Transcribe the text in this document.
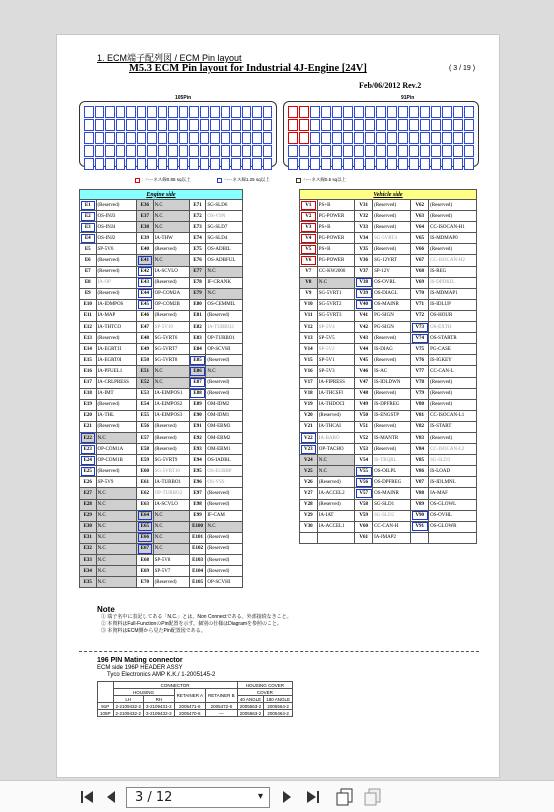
1. ECM端子配列図 / ECM Pin layout
M5.3 ECM Pin layout for Industrial 4J-Engine [24V]	( 3 / 19 )
Feb/06/2012 Rev.2
105Pin	91Pin
: ハーネス線0.85 sq以上	ハーネス線1.25 sq以上	ハーネス線0.5 sq以上
Engine side					
E1	(Reserved)	E36	N.C	E71	SG-SLD6
E2	OS-INJ3	E37	N.C	E72	OS-VSN
E3	OS-INJ4	E38	N.C	E73	SG-SLD7
E4	OS-INJ2	E39	IA-THW	E74	SG-SLD4
E5	SP-5V6	E40	(Reserved)	E75	OS-ADBIL
E6	(Reserved)	E41	N.C	E76	OS-ADBFUL
E7	(Reserved)	E42	IA-SCVLO	E77	N.C
E8	IA-OP	E43	(Reserved)	E78	IF-CRANK
E9	(Reserved)	E44	OP-COM2A	E79	N.C
E10	IA-IDMPOS	E45	OP-COM2B	E80	OS-CEMMIL
E11	IA-MAP	E46	(Reserved)	E81	(Reserved)
E12	IA-THTCO	E47	SP-5V10	E82	IA-TURBO2
E13	(Reserved)	E48	SG-5VRT6	E83	OP-TURBO1
E14	IA-EGRT1I	E49	SG-5VRT7	E84	OP-SCVHI
E15	IA-EGRT0I	E50	SG-5VRT8	E85	(Reserved)
E16	IA-PFUEL1	E51	N.C	E86	N.C
E17	IA-CRLPRESS	E52	N.C	E87	(Reserved)
E18	IA-IMT	E53	IA-EIMPOS1	E88	(Reserved)
E19	(Reserved)	E54	IA-EIMPOS2	E89	OM-IDM2
E20	IA-THL	E55	IA-EIMPOS3	E90	OM-IDM1
E21	(Reserved)	E56	(Reserved)	E91	OM-EBM3
E22	N.C	E57	(Reserved)	E92	OM-EBM2
E23	OP-COM1A	E58	(Reserved)	E93	OM-EBM1
E24	OP-COM1B	E59	SG-5VRT9	E94	OS-IADBL
E25	(Reserved)	E60	SG-5VRT10	E95	OS-EGRBP
E26	SP-5V9	E61	IA-TURBO1	E96	OS-VSS
E27	N.C	E62	OP-TURBO2	E97	(Reserved)
E28	N.C	E63	IA-SCVLO	E98	(Reserved)
E29	N.C	E64	N.C	E99	IF-CAM
E30	N.C	E65	N.C	E100	N.C
E31	N.C	E66	N.C	E101	(Reserved)
E32	N.C	E67	N.C	E102	(Reserved)
E33	N.C	E68	SP-5V8	E103	(Reserved)
E34	N.C	E69	SP-5V7	E104	(Reserved)
E35	N.C	E70	(Reserved)	E105	OP-SCVHI
Vehicle side					
V1	PS+B	V31	(Reserved)	V62	(Reserved)
V2	PG-POWER	V32	(Reserved)	V63	(Reserved)
V3	PS+B	V33	(Reserved)	V64	CC-ISOCAN-H1
V4	PG-POWER	V34	SG-5VRT4	V65	IS-MDMAP0
V5	PS+B	V35	(Reserved)	V66	(Reserved)
V6	PG-POWER	V36	SG-12VRT	V67	CC-ISOCAN-H2
V7	CC-KW2000	V37	SP-12V	V68	IS-REG
V8	N.C	V38	OS-OVRL	V69	IS-DPDKIL
V9	SG-5VRT1	V39	OS-DIAGL	V70	IS-MDMAP1
V10	SG-5VRT2	V40	OS-MAINR	V71	IS-IDLUP
V11	SG-5VRT3	V41	PG-SIGN	V72	OS-HOUR
V12	SP-5V4	V42	PG-SIGN	V73	OS-EXTH
V13	SP-5V5	V43	(Reserved)	V74	OS-STARTR
V14	SP-5V2	V44	IS-DIAG	V75	PG-CASE
V15	SP-5V1	V45	(Reserved)	V76	IS-IGKEY
V16	SP-5V3	V46	IS-AC	V77	CC-CAN-L
V17	IA-FIPRESS	V47	IS-IDLDWN	V78	(Reserved)
V18	IA-THCSFI	V48	(Reserved)	V79	(Reserved)
V19	IA-THDOCI	V49	IS-DPFREG	V80	(Reserved)
V20	(Reserved)	V50	IS-ENGSTP	V81	CC-ISOCAN-L1
V21	IA-THCAI	V51	(Reserved)	V82	IS-START
V22	IA-BARO	V52	IS-MANTR	V83	(Reserved)
V23	OP-TACHO	V53	(Reserved)	V84	CC-ISOCAN-L2
V24	N.C	V54	IS-TRQRL	V85	SG-SLD3
V25	N.C	V55	OS-OILPL	V86	IS-LOAD
V26	(Reserved)	V56	OS-DPFREG	V87	IS-IDLMNL
V27	IA-ACCEL2	V57	OS-MAINR	V88	IA-MAF
V28	(Reserved)	V58	SG-SLD1	V89	OS-GLOWL
V29	IA-IAT	V59	SG-SLD2	V90	OS-OVHL
V30	IA-ACCEL1	V60	CC-CAN-H	V91	OS-GLOWR
		V61	IA-IMAP2		
Note
① 端子名中に表記してある「N.C.」とは、Non Connectである。外部接続なきこと。
② 本資料はFull-FunctionのPin配置を示す。個別の仕様はDiagramを参照のこと。
③ 本資料はECM側から見たPin配置図である。
196 PIN Mating connector
ECM side 196P HEADER ASSY
Tyco Electronics AMP K.K./ 1-2005145-2
	CONNECTOR				HOUSING COVER	
	HOUSING		RETAINER A	RETAINER B	COVER	
	LH	RH			40 ANGLE	180 ANGLE
91P	2-2109432-2	3-2109431-2	2005471-6	2005472-6	2005563-2	2005564-2
105P	2-2109432-2	3-2109432-2	2005470-6	—	2005563-2	2005464-2
3 / 12	▾
